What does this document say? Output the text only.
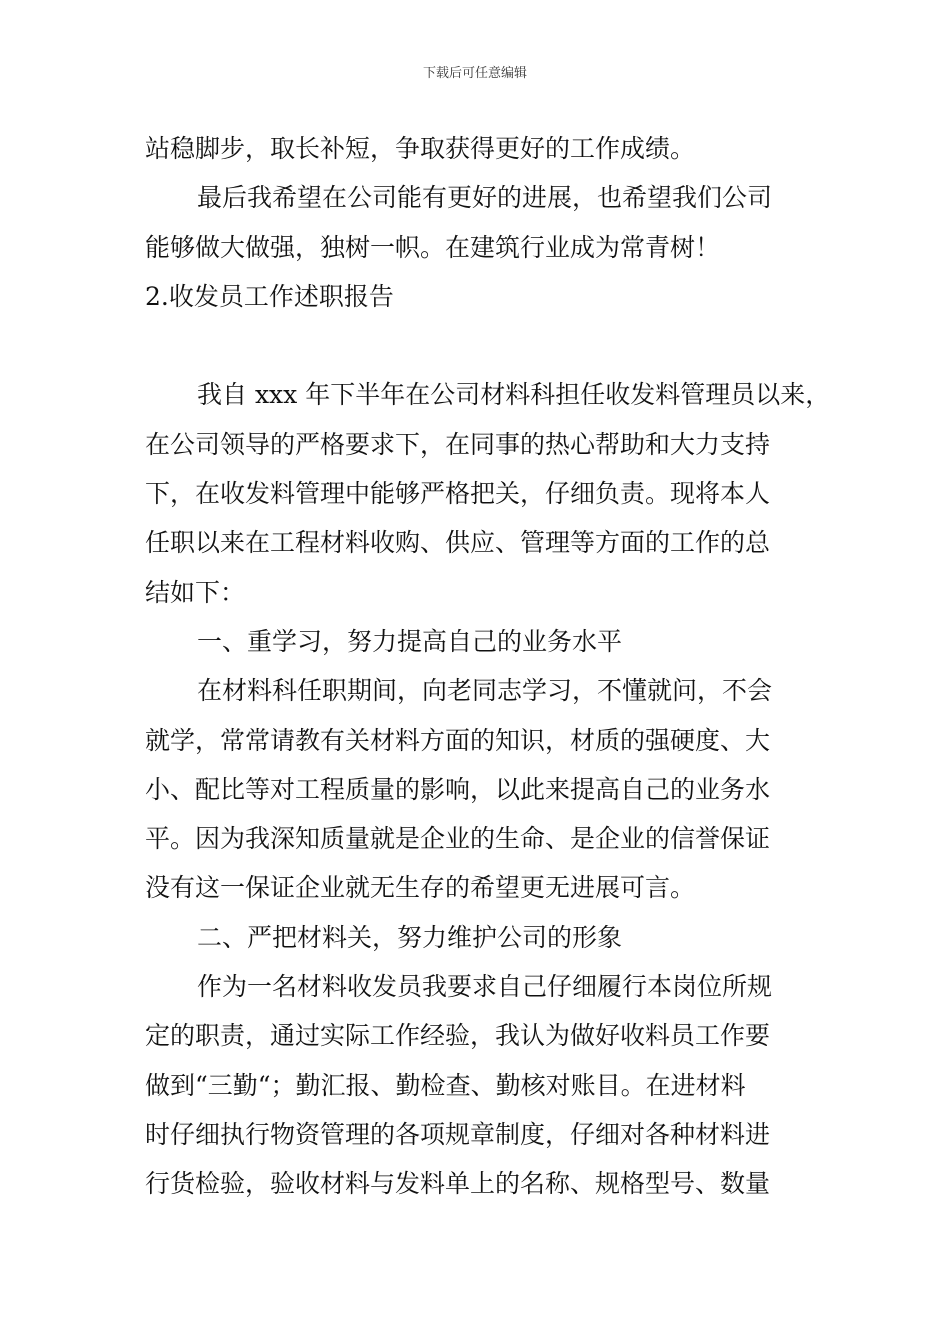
下载后可任意编辑
站稳脚步，取长补短，争取获得更好的工作成绩。
最后我希望在公司能有更好的进展，也希望我们公司
能够做大做强，独树一帜。在建筑行业成为常青树！
2.收发员工作述职报告
我自 xxx 年下半年在公司材料科担任收发料管理员以来，
在公司领导的严格要求下，在同事的热心帮助和大力支持
下，在收发料管理中能够严格把关，仔细负责。现将本人
任职以来在工程材料收购、供应、管理等方面的工作的总
结如下：
一、重学习，努力提高自己的业务水平
在材料科任职期间，向老同志学习，不懂就问，不会
就学，常常请教有关材料方面的知识，材质的强硬度、大
小、配比等对工程质量的影响，以此来提高自己的业务水
平。因为我深知质量就是企业的生命、是企业的信誉保证
没有这一保证企业就无生存的希望更无进展可言。
二、严把材料关，努力维护公司的形象
作为一名材料收发员我要求自己仔细履行本岗位所规
定的职责，通过实际工作经验，我认为做好收料员工作要
做到“三勤“；勤汇报、勤检查、勤核对账目。在进材料
时仔细执行物资管理的各项规章制度，仔细对各种材料进
行货检验，验收材料与发料单上的名称、规格型号、数量
